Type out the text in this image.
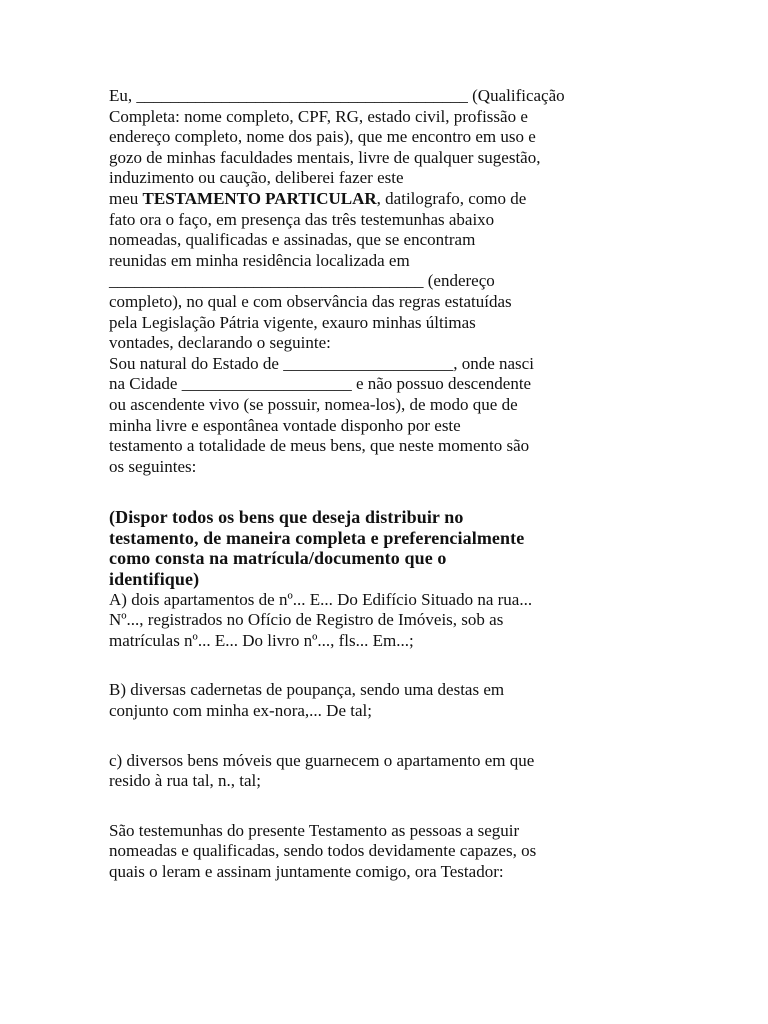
Eu, _______________________________________ (Qualificação
Completa: nome completo, CPF, RG, estado civil, profissão e
endereço completo, nome dos pais), que me encontro em uso e
gozo de minhas faculdades mentais, livre de qualquer sugestão,
induzimento ou caução, deliberei fazer este
meu TESTAMENTO PARTICULAR, datilografo, como de
fato ora o faço, em presença das três testemunhas abaixo
nomeadas, qualificadas e assinadas, que se encontram
reunidas em minha residência localizada em
_____________________________________ (endereço
completo), no qual e com observância das regras estatuídas
pela Legislação Pátria vigente, exauro minhas últimas
vontades, declarando o seguinte:
Sou natural do Estado de ____________________, onde nasci
na Cidade ____________________ e não possuo descendente
ou ascendente vivo (se possuir, nomea-los), de modo que de
minha livre e espontânea vontade disponho por este
testamento a totalidade de meus bens, que neste momento são
os seguintes:
(Dispor todos os bens que deseja distribuir no
testamento, de maneira completa e preferencialmente
como consta na matrícula/documento que o
identifique)
A) dois apartamentos de nº... E... Do Edifício Situado na rua...
Nº..., registrados no Ofício de Registro de Imóveis, sob as
matrículas nº... E... Do livro nº..., fls... Em...;
B) diversas cadernetas de poupança, sendo uma destas em
conjunto com minha ex-nora,... De tal;
c) diversos bens móveis que guarnecem o apartamento em que
resido à rua tal, n., tal;
São testemunhas do presente Testamento as pessoas a seguir
nomeadas e qualificadas, sendo todos devidamente capazes, os
quais o leram e assinam juntamente comigo, ora Testador:
